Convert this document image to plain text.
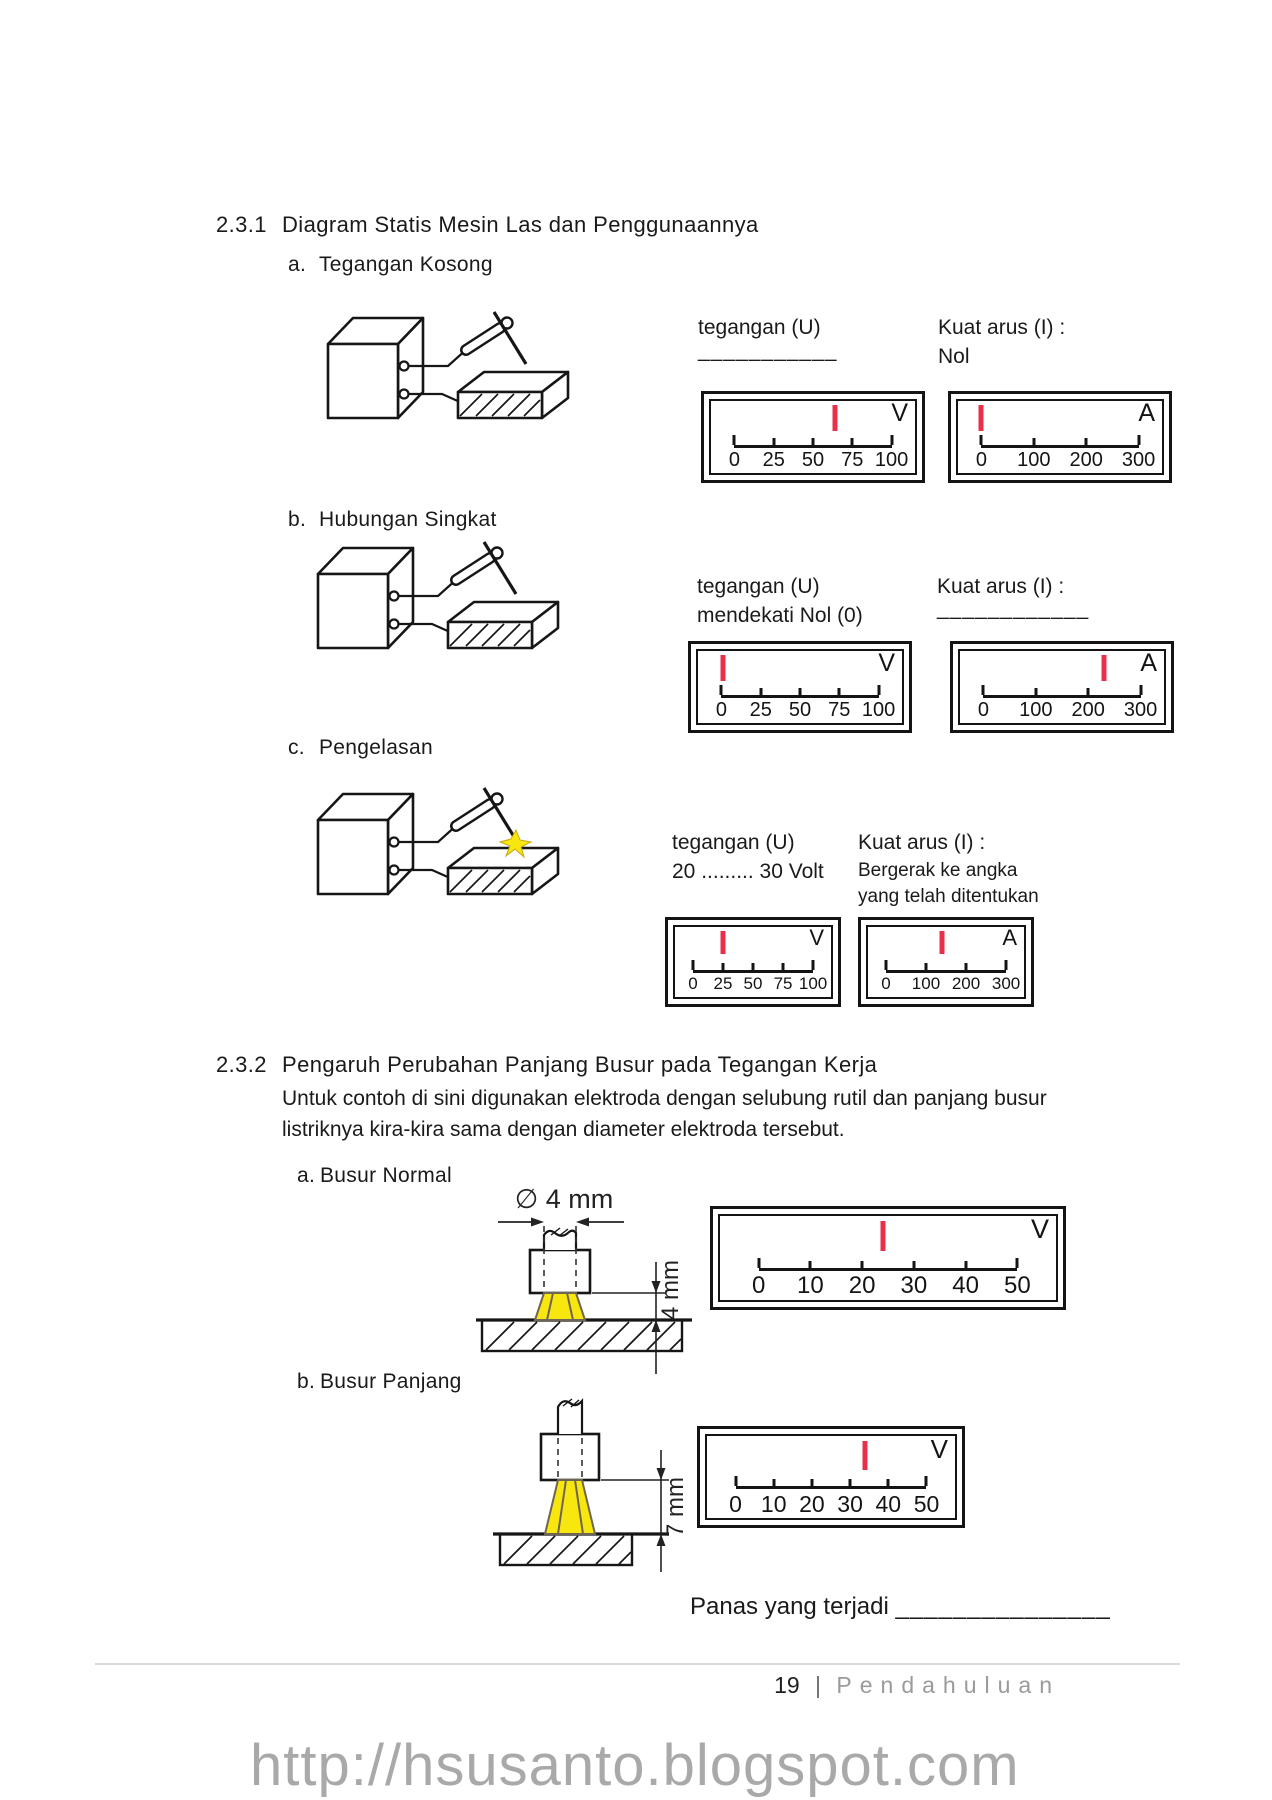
2.3.1 Diagram Statis Mesin Las dan Penggunaannya
a. Tegangan Kosong
tegangan (U)
___________
Kuat arus (I) :
Nol
V
0 25 50 75 100
A
0 100 200 300
b. Hubungan Singkat
tegangan (U)
mendekati Nol (0)
Kuat arus (I) :
____________
V
0 25 50 75 100
A
0 100 200 300
c. Pengelasan
tegangan (U)
20 ......... 30 Volt
Kuat arus (I) :
Bergerak ke angka
yang telah ditentukan
V
0 25 50 75 100
A
0 100 200 300
2.3.2 Pengaruh Perubahan Panjang Busur pada Tegangan Kerja
Untuk contoh di sini digunakan elektroda dengan selubung rutil dan panjang busur
listriknya kira-kira sama dengan diameter elektroda tersebut.
a. Busur Normal
∅ 4 mm
4 mm
V
0 10 20 30 40 50
b. Busur Panjang
7 mm
V
0 10 20 30 40 50
Panas yang terjadi _______________
19 | Pendahuluan
http://hsusanto.blogspot.com
